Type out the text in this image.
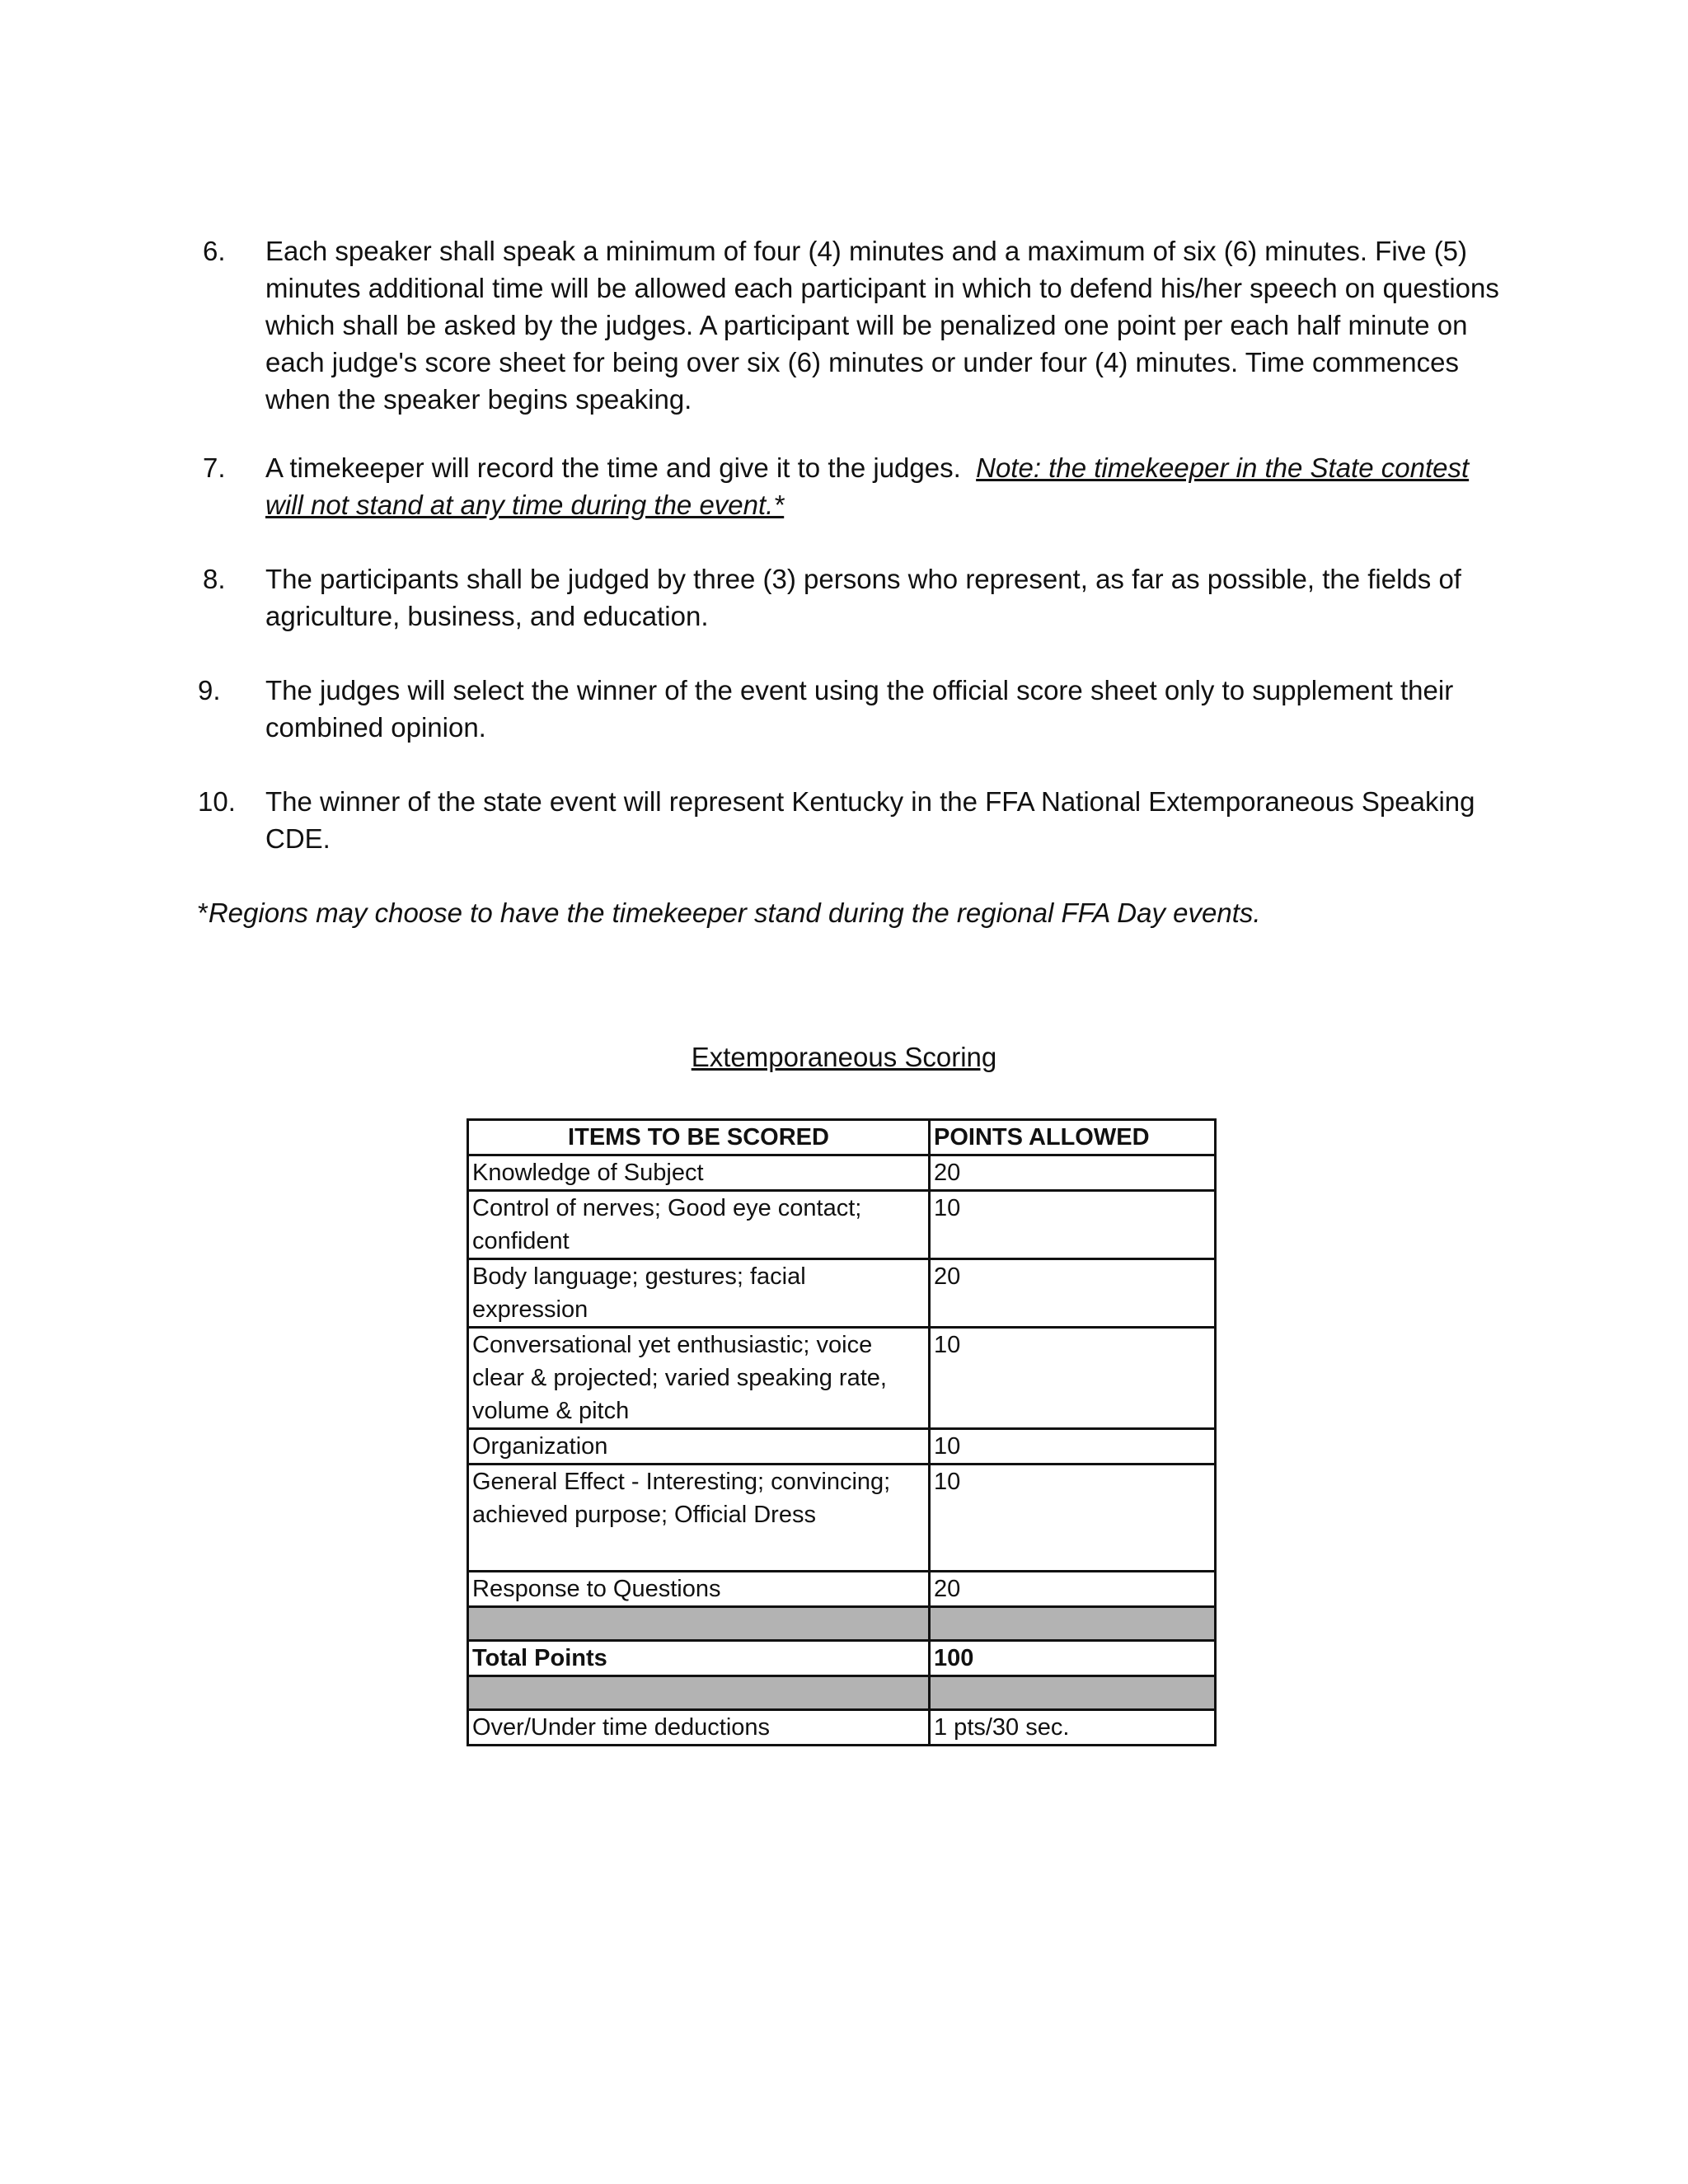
6. Each speaker shall speak a minimum of four (4) minutes and a maximum of six (6) minutes. Five (5) minutes additional time will be allowed each participant in which to defend his/her speech on questions which shall be asked by the judges. A participant will be penalized one point per each half minute on each judge's score sheet for being over six (6) minutes or under four (4) minutes. Time commences when the speaker begins speaking.
7. A timekeeper will record the time and give it to the judges. Note: the timekeeper in the State contest will not stand at any time during the event.*
8. The participants shall be judged by three (3) persons who represent, as far as possible, the fields of agriculture, business, and education.
9. The judges will select the winner of the event using the official score sheet only to supplement their combined opinion.
10. The winner of the state event will represent Kentucky in the FFA National Extemporaneous Speaking CDE.
*Regions may choose to have the timekeeper stand during the regional FFA Day events.
Extemporaneous Scoring
ITEMS TO BE SCORED	POINTS ALLOWED
Knowledge of Subject	20
Control of nerves; Good eye contact; confident	10
Body language; gestures; facial expression	20
Conversational yet enthusiastic; voice clear & projected; varied speaking rate, volume & pitch	10
Organization	10
General Effect - Interesting; convincing; achieved purpose; Official Dress	10
Response to Questions	20

Total Points	100

Over/Under time deductions	1 pts/30 sec.
